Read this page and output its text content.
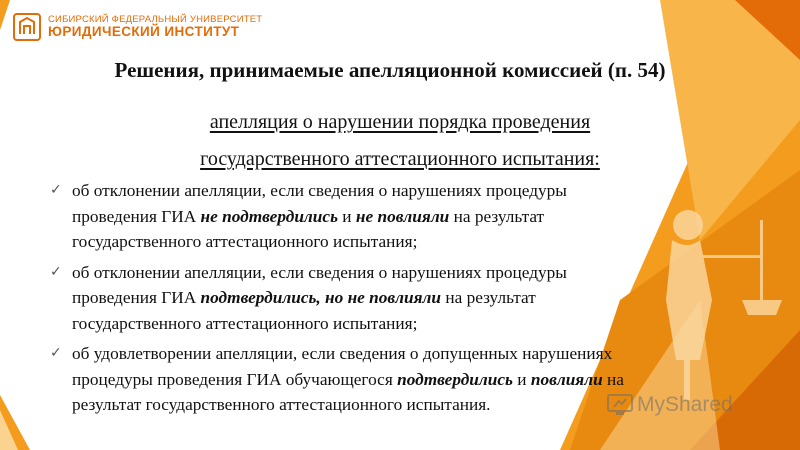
СИБИРСКИЙ ФЕДЕРАЛЬНЫЙ УНИВЕРСИТЕТ
ЮРИДИЧЕСКИЙ ИНСТИТУТ
Решения, принимаемые апелляционной комиссией (п. 54)
апелляция о нарушении порядка проведения
государственного аттестационного испытания:
✓ об отклонении апелляции, если сведения о нарушениях процедуры проведения ГИА не подтвердились и не повлияли на результат государственного аттестационного испытания;
✓ об отклонении апелляции, если сведения о нарушениях процедуры проведения ГИА подтвердились, но не повлияли на результат государственного аттестационного испытания;
✓ об удовлетворении апелляции, если сведения о допущенных нарушениях процедуры проведения ГИА обучающегося подтвердились и повлияли на результат государственного аттестационного испытания.	MyShared
